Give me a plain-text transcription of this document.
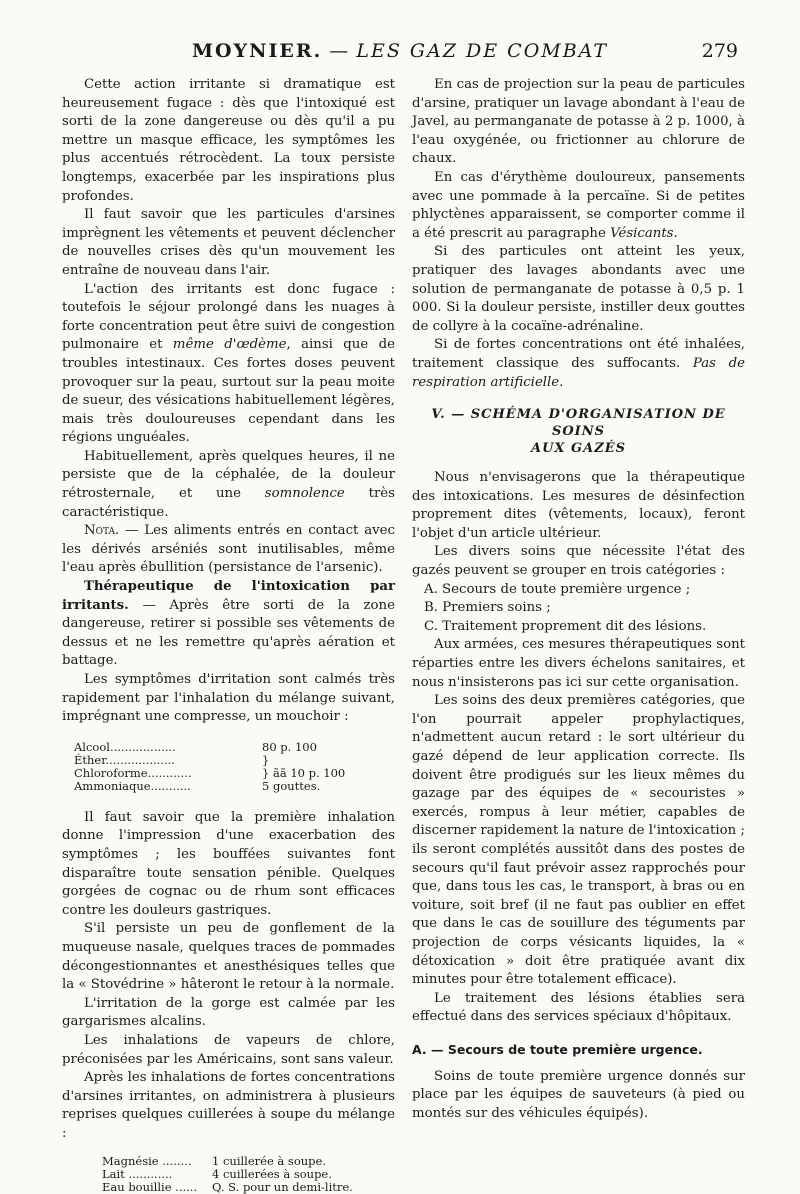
MOYNIER. — LES GAZ DE COMBAT	279

Cette action irritante si dramatique est heureusement fugace : dès que l'intoxiqué est sorti de la zone dangereuse ou dès qu'il a pu mettre un masque efficace, les symptômes les plus accentués rétrocèdent. La toux persiste longtemps, exacerbée par les inspirations plus profondes.

Il faut savoir que les particules d'arsines imprègnent les vêtements et peuvent déclencher de nouvelles crises dès qu'un mouvement les entraîne de nouveau dans l'air.

L'action des irritants est donc fugace : toutefois le séjour prolongé dans les nuages à forte concentration peut être suivi de congestion pulmonaire et même d'œdème, ainsi que de troubles intestinaux. Ces fortes doses peuvent provoquer sur la peau, surtout sur la peau moite de sueur, des vésications habituellement légères, mais très douloureuses cependant dans les régions unguéales.

Habituellement, après quelques heures, il ne persiste que de la céphalée, de la douleur rétrosternale, et une somnolence très caractéristique.

Nota. — Les aliments entrés en contact avec les dérivés arséniés sont inutilisables, même l'eau après ébullition (persistance de l'arsenic).

Thérapeutique de l'intoxication par irritants. — Après être sorti de la zone dangereuse, retirer si possible ses vêtements de dessus et ne les remettre qu'après aération et battage.

Les symptômes d'irritation sont calmés très rapidement par l'inhalation du mélange suivant, imprégnant une compresse, un mouchoir :

Alcool..................	80 p. 100
Éther...................	}
Chloroforme............	} ãã 10 p. 100
Ammoniaque...........	5 gouttes.

Il faut savoir que la première inhalation donne l'impression d'une exacerbation des symptômes ; les bouffées suivantes font disparaître toute sensation pénible. Quelques gorgées de cognac ou de rhum sont efficaces contre les douleurs gastriques.

S'il persiste un peu de gonflement de la muqueuse nasale, quelques traces de pommades décongestionnantes et anesthésiques telles que la « Stovédrine » hâteront le retour à la normale.

L'irritation de la gorge est calmée par les gargarismes alcalins.

Les inhalations de vapeurs de chlore, préconisées par les Américains, sont sans valeur.

Après les inhalations de fortes concentrations d'arsines irritantes, on administrera à plusieurs reprises quelques cuillerées à soupe du mélange :

Magnésie ........	1 cuillerée à soupe.
Lait ............	4 cuillerées à soupe.
Eau bouillie ......	Q. S. pour un demi-litre.

En cas de projection sur la peau de particules d'arsine, pratiquer un lavage abondant à l'eau de Javel, au permanganate de potasse à 2 p. 1000, à l'eau oxygénée, ou frictionner au chlorure de chaux.

En cas d'érythème douloureux, pansements avec une pommade à la percaïne. Si de petites phlyctènes apparaissent, se comporter comme il a été prescrit au paragraphe Vésicants.

Si des particules ont atteint les yeux, pratiquer des lavages abondants avec une solution de permanganate de potasse à 0,5 p. 1 000. Si la douleur persiste, instiller deux gouttes de collyre à la cocaïne-adrénaline.

Si de fortes concentrations ont été inhalées, traitement classique des suffocants. Pas de respiration artificielle.

V. — SCHÉMA D'ORGANISATION DE SOINS
AUX GAZÉS

Nous n'envisagerons que la thérapeutique des intoxications. Les mesures de désinfection proprement dites (vêtements, locaux), feront l'objet d'un article ultérieur.

Les divers soins que nécessite l'état des gazés peuvent se grouper en trois catégories :

A. Secours de toute première urgence ;

B. Premiers soins ;

C. Traitement proprement dit des lésions.

Aux armées, ces mesures thérapeutiques sont réparties entre les divers échelons sanitaires, et nous n'insisterons pas ici sur cette organisation.

Les soins des deux premières catégories, que l'on pourrait appeler prophylactiques, n'admettent aucun retard : le sort ultérieur du gazé dépend de leur application correcte. Ils doivent être prodigués sur les lieux mêmes du gazage par des équipes de « secouristes » exercés, rompus à leur métier, capables de discerner rapidement la nature de l'intoxication ; ils seront complétés aussitôt dans des postes de secours qu'il faut prévoir assez rapprochés pour que, dans tous les cas, le transport, à bras ou en voiture, soit bref (il ne faut pas oublier en effet que dans le cas de souillure des téguments par projection de corps vésicants liquides, la « détoxication » doit être pratiquée avant dix minutes pour être totalement efficace).

Le traitement des lésions établies sera effectué dans des services spéciaux d'hôpitaux.

A. — Secours de toute première urgence.

Soins de toute première urgence donnés sur place par les équipes de sauveteurs (à pied ou montés sur des véhicules équipés).
